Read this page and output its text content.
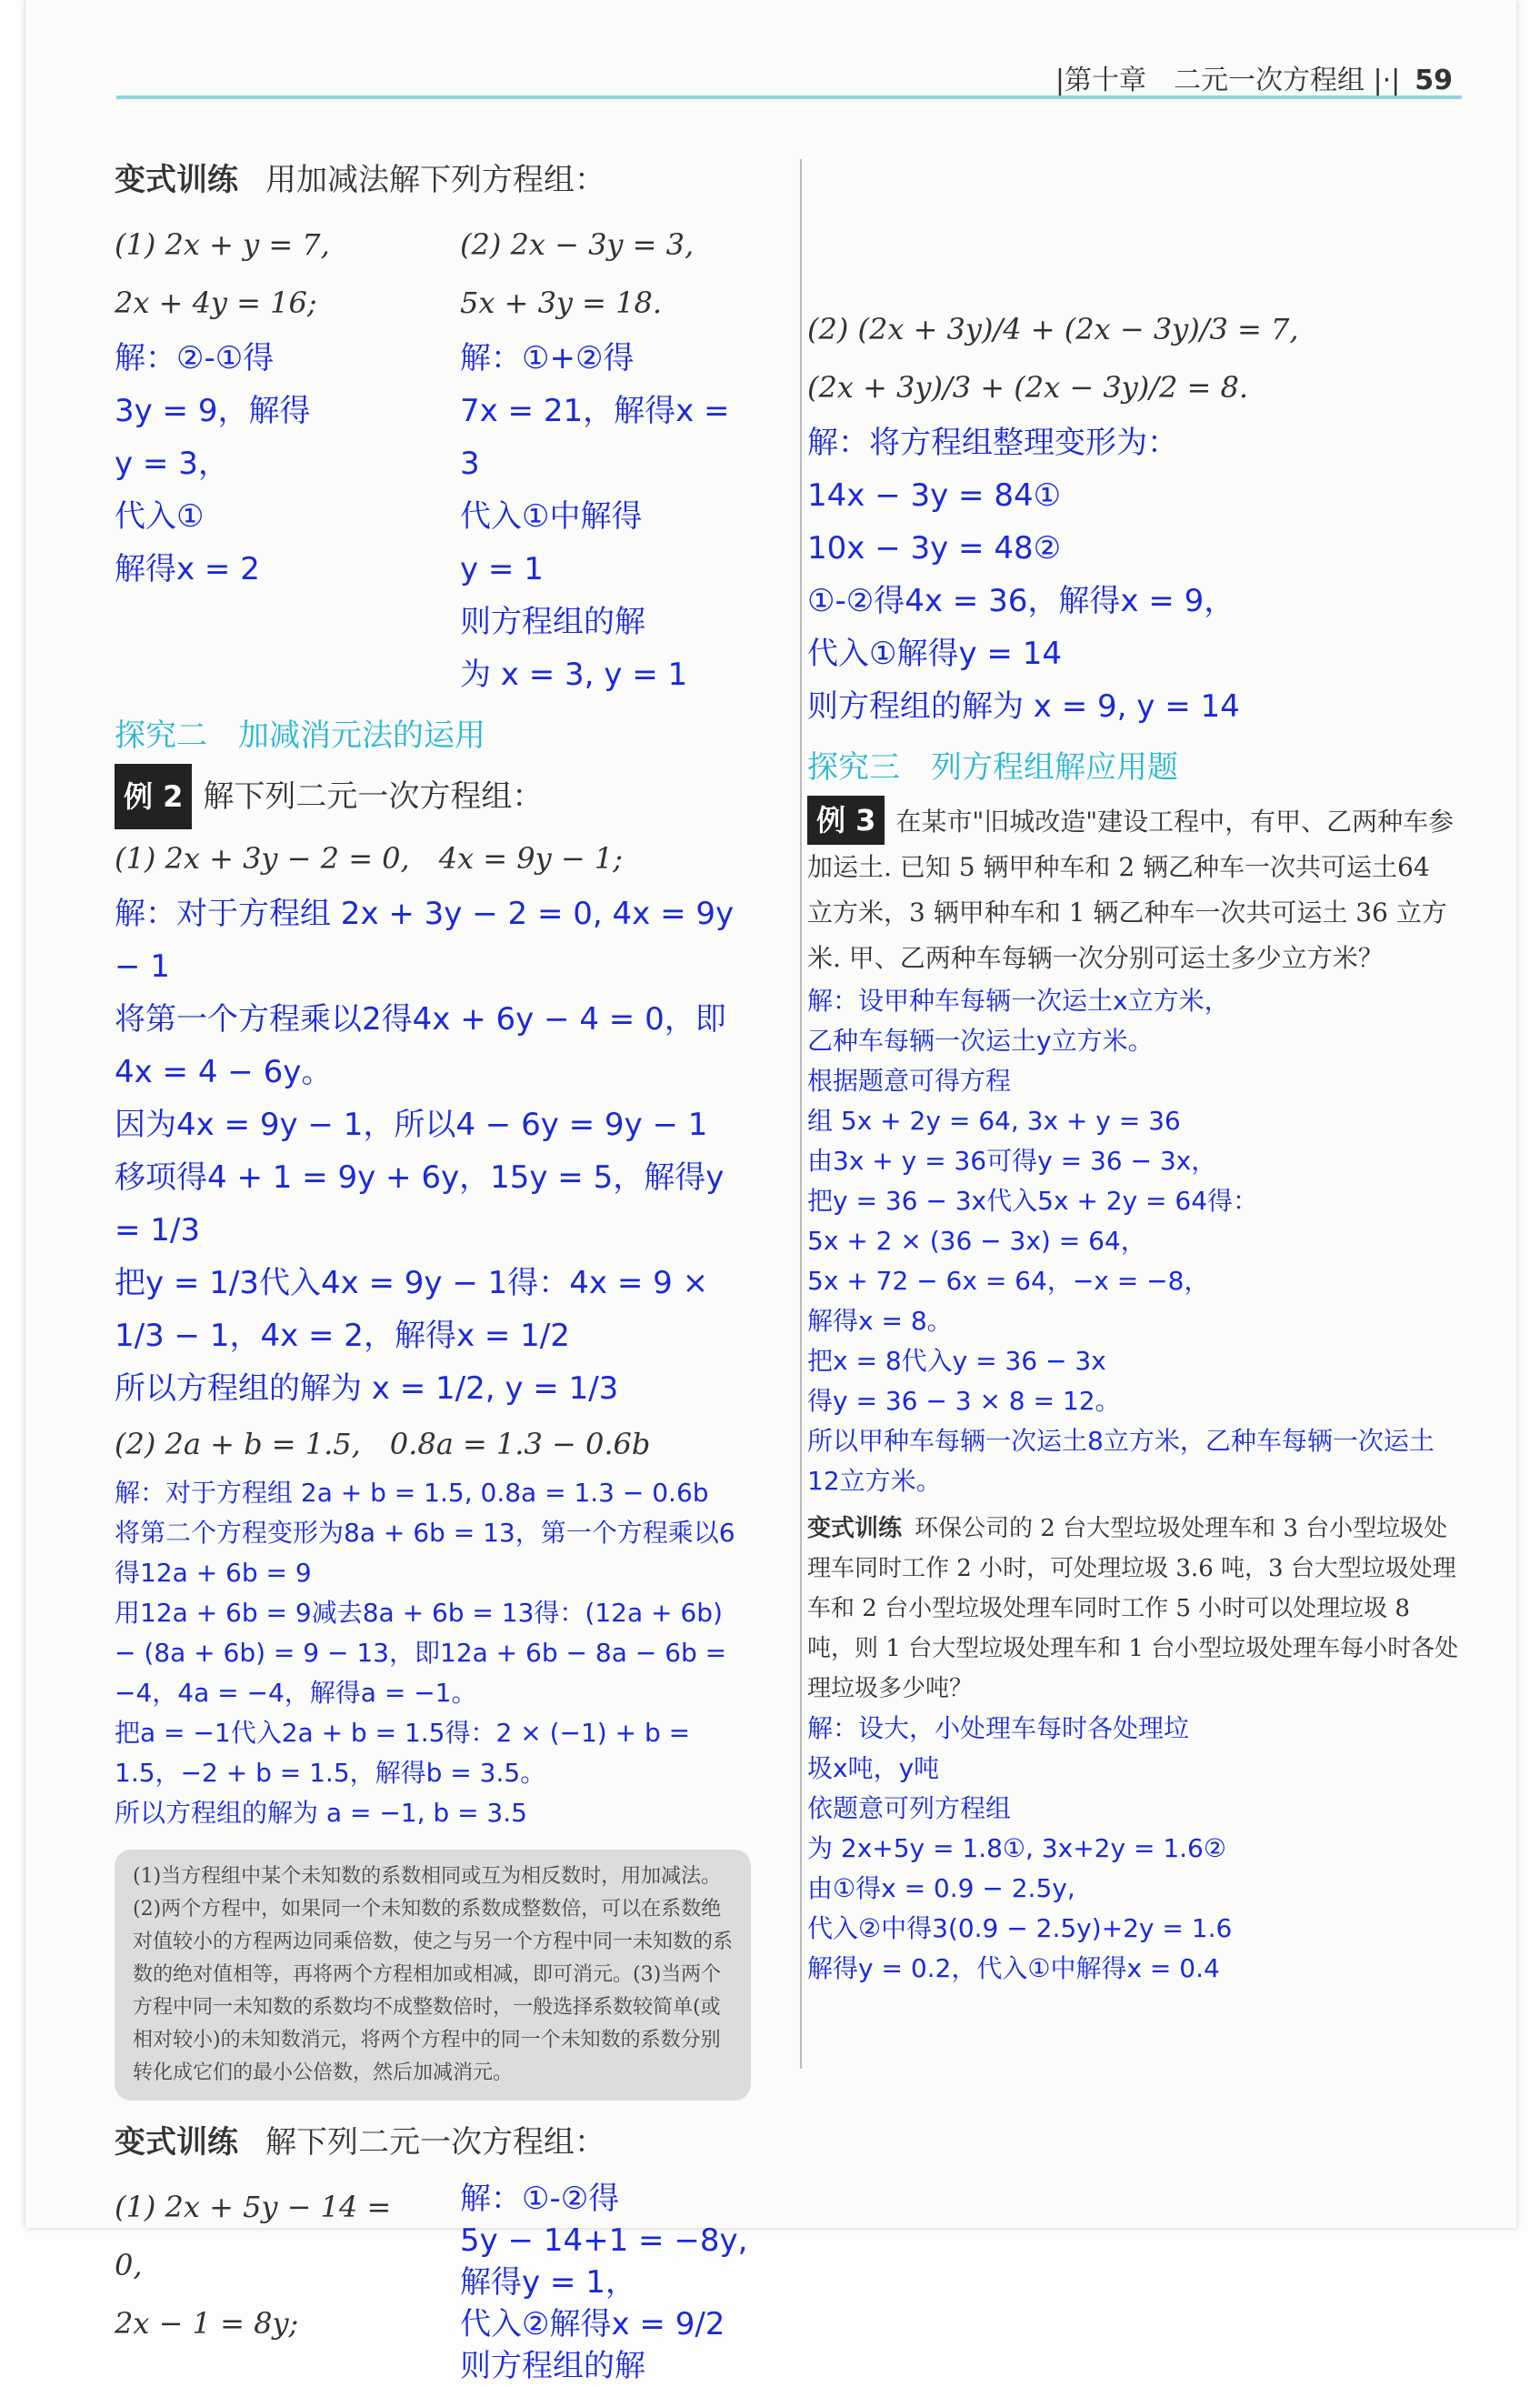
|第十章　二元一次方程组 |·| 59
变式训练 用加减法解下列方程组：
(1) 2x + y = 7,
2x + 4y = 16;
(2) 2x − 3y = 3,
5x + 3y = 18.
解：②-①得
3y = 9，解得
y = 3，
代入①
解得x = 2
解：①+②得
7x = 21，解得x = 3
代入①中解得
y = 1
则方程组的解
为 x = 3, y = 1
探究二　加减消元法的运用
例 2 解下列二元一次方程组：
(1) 2x + 3y − 2 = 0,　4x = 9y − 1;
解：对于方程组 2x + 3y − 2 = 0, 4x = 9y − 1
将第一个方程乘以2得4x + 6y − 4 = 0，即4x = 4 − 6y。
因为4x = 9y − 1，所以4 − 6y = 9y − 1
移项得4 + 1 = 9y + 6y，15y = 5，解得y = 1/3
把y = 1/3代入4x = 9y − 1得：4x = 9 × 1/3 − 1，4x = 2，解得x = 1/2
所以方程组的解为 x = 1/2, y = 1/3
(2) 2a + b = 1.5,　0.8a = 1.3 − 0.6b
解：对于方程组 2a + b = 1.5, 0.8a = 1.3 − 0.6b
将第二个方程变形为8a + 6b = 13，第一个方程乘以6得12a + 6b = 9
用12a + 6b = 9减去8a + 6b = 13得：(12a + 6b) − (8a + 6b) = 9 − 13，即12a + 6b − 8a − 6b = −4，4a = −4，解得a = −1。
把a = −1代入2a + b = 1.5得：2 × (−1) + b = 1.5，−2 + b = 1.5，解得b = 3.5。
所以方程组的解为 a = −1, b = 3.5
(1)当方程组中某个未知数的系数相同或互为相反数时，用加减法。(2)两个方程中，如果同一个未知数的系数成整数倍，可以在系数绝对值较小的方程两边同乘倍数，使之与另一个方程中同一未知数的系数的绝对值相等，再将两个方程相加或相减，即可消元。(3)当两个方程中同一未知数的系数均不成整数倍时，一般选择系数较简单(或相对较小)的未知数消元，将两个方程中的同一个未知数的系数分别转化成它们的最小公倍数，然后加减消元。
变式训练 解下列二元一次方程组：
(1) 2x + 5y − 14 = 0,
2x − 1 = 8y;
解：①-②得
5y − 14+1 = −8y,
解得y = 1，
代入②解得x = 9/2
则方程组的解
(2) (2x + 3y)/4 + (2x − 3y)/3 = 7,
(2x + 3y)/3 + (2x − 3y)/2 = 8.
解：将方程组整理变形为：
14x − 3y = 84①
10x − 3y = 48②
①-②得4x = 36，解得x = 9，
代入①解得y = 14
则方程组的解为 x = 9, y = 14
探究三　列方程组解应用题
例 3 在某市"旧城改造"建设工程中，有甲、乙两种车参加运土. 已知 5 辆甲种车和 2 辆乙种车一次共可运土64 立方米，3 辆甲种车和 1 辆乙种车一次共可运土 36 立方米. 甲、乙两种车每辆一次分别可运土多少立方米？
解：设甲种车每辆一次运土x立方米，
乙种车每辆一次运土y立方米。
根据题意可得方程
组 5x + 2y = 64, 3x + y = 36
由3x + y = 36可得y = 36 − 3x，
把y = 36 − 3x代入5x + 2y = 64得：
5x + 2 × (36 − 3x) = 64，
5x + 72 − 6x = 64，−x = −8，
解得x = 8。
把x = 8代入y = 36 − 3x
得y = 36 − 3 × 8 = 12。
所以甲种车每辆一次运土8立方米，乙种车每辆一次运土12立方米。
变式训练 环保公司的 2 台大型垃圾处理车和 3 台小型垃圾处理车同时工作 2 小时，可处理垃圾 3.6 吨，3 台大型垃圾处理车和 2 台小型垃圾处理车同时工作 5 小时可以处理垃圾 8 吨，则 1 台大型垃圾处理车和 1 台小型垃圾处理车每小时各处理垃圾多少吨？
解：设大，小处理车每时各处理垃
圾x吨，y吨
依题意可列方程组
为 2x+5y = 1.8①, 3x+2y = 1.6②
由①得x = 0.9 − 2.5y,
代入②中得3(0.9 − 2.5y)+2y = 1.6
解得y = 0.2，代入①中解得x = 0.4
